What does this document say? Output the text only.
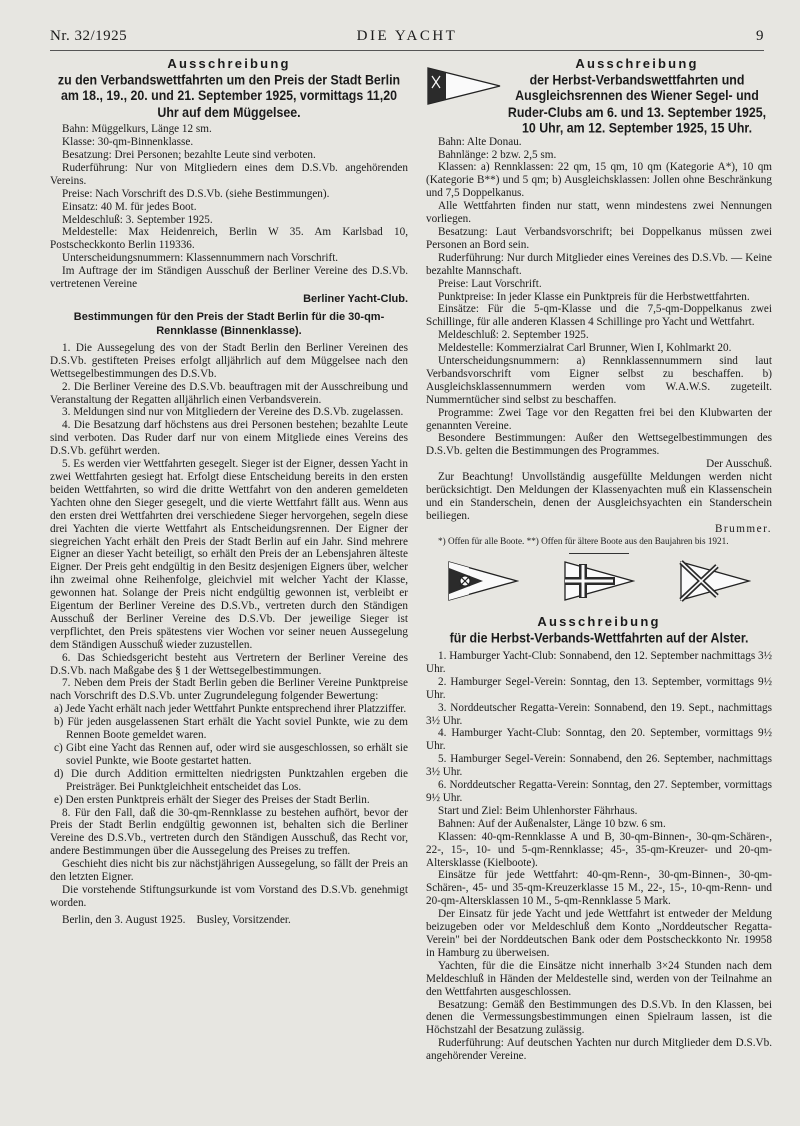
Nr. 32/1925	DIE YACHT	9

Ausschreibung

zu den Verbandswettfahrten um den Preis der Stadt Berlin am 18., 19., 20. und 21. September 1925, vormittags 11,20 Uhr auf dem Müggelsee.

Bahn: Müggelkurs, Länge 12 sm.

Klasse: 30-qm-Binnenklasse.

Besatzung: Drei Personen; bezahlte Leute sind verboten.

Ruderführung: Nur von Mitgliedern eines dem D.S.Vb. angehörenden Vereins.

Preise: Nach Vorschrift des D.S.Vb. (siehe Bestimmungen).

Einsatz: 40 M. für jedes Boot.

Meldeschluß: 3. September 1925.

Meldestelle: Max Heidenreich, Berlin W 35. Am Karlsbad 10, Postscheckkonto Berlin 119336.

Unterscheidungsnummern: Klassennummern nach Vorschrift.

Im Auftrage der im Ständigen Ausschuß der Berliner Vereine des D.S.Vb. vertretenen Vereine

Berliner Yacht-Club.

Bestimmungen für den Preis der Stadt Berlin für die 30-qm-Rennklasse (Binnenklasse).

1. Die Aussegelung des von der Stadt Berlin den Berliner Vereinen des D.S.Vb. gestifteten Preises erfolgt alljährlich auf dem Müggelsee nach den Wettsegelbestimmungen des D.S.Vb.

2. Die Berliner Vereine des D.S.Vb. beauftragen mit der Ausschreibung und Veranstaltung der Regatten alljährlich einen Verbandsverein.

3. Meldungen sind nur von Mitgliedern der Vereine des D.S.Vb. zugelassen.

4. Die Besatzung darf höchstens aus drei Personen bestehen; bezahlte Leute sind verboten. Das Ruder darf nur von einem Mitgliede eines Vereins des D.S.Vb. geführt werden.

5. Es werden vier Wettfahrten gesegelt. Sieger ist der Eigner, dessen Yacht in zwei Wettfahrten gesiegt hat. Erfolgt diese Entscheidung bereits in den ersten beiden Wettfahrten, so wird die dritte Wettfahrt von den anderen gemeldeten Yachten ohne den Sieger gesegelt, und die vierte Wettfahrt fällt aus. Wenn aus den ersten drei Wettfahrten drei verschiedene Sieger hervorgehen, segeln diese drei Yachten die vierte Wettfahrt als Entscheidungsrennen. Der Eigner der siegreichen Yacht erhält den Preis der Stadt Berlin auf ein Jahr. Sind mehrere Eigner an dieser Yacht beteiligt, so erhält den Preis der an Lebensjahren älteste Eigner. Der Preis geht endgültig in den Besitz desjenigen Eigners über, welcher ihn zweimal ohne Reihenfolge, gleichviel mit welcher Yacht der Klasse, gewonnen hat. Solange der Preis nicht endgültig gewonnen ist, verbleibt er Eigentum der Berliner Vereine des D.S.Vb., vertreten durch den Ständigen Ausschuß der Berliner Vereine des D.S.Vb. Der jeweilige Sieger ist verpflichtet, den Preis spätestens vier Wochen vor seiner neuen Aussegelung dem Ständigen Ausschuß wieder zuzustellen.

6. Das Schiedsgericht besteht aus Vertretern der Berliner Vereine des D.S.Vb. nach Maßgabe des § 1 der Wettsegelbestimmungen.

7. Neben dem Preis der Stadt Berlin geben die Berliner Vereine Punktpreise nach Vorschrift des D.S.Vb. unter Zugrundelegung folgender Bewertung:

a) Jede Yacht erhält nach jeder Wettfahrt Punkte entsprechend ihrer Platzziffer.

b) Für jeden ausgelassenen Start erhält die Yacht soviel Punkte, wie zu dem Rennen Boote gemeldet waren.

c) Gibt eine Yacht das Rennen auf, oder wird sie ausgeschlossen, so erhält sie soviel Punkte, wie Boote gestartet hatten.

d) Die durch Addition ermittelten niedrigsten Punktzahlen ergeben die Preisträger. Bei Punktgleichheit entscheidet das Los.

e) Den ersten Punktpreis erhält der Sieger des Preises der Stadt Berlin.

8. Für den Fall, daß die 30-qm-Rennklasse zu bestehen aufhört, bevor der Preis der Stadt Berlin endgültig gewonnen ist, behalten sich die Berliner Vereine des D.S.Vb., vertreten durch den Ständigen Ausschuß, das Recht vor, andere Bestimmungen über die Aussegelung des Preises zu treffen.

Geschieht dies nicht bis zur nächstjährigen Aussegelung, so fällt der Preis an den letzten Eigner.

Die vorstehende Stiftungsurkunde ist vom Vorstand des D.S.Vb. genehmigt worden.

Berlin, den 3. August 1925.    Busley, Vorsitzender.

Ausschreibung

der Herbst-Verbandswettfahrten und Ausgleichsrennen des Wiener Segel- und Ruder-Clubs am 6. und 13. September 1925, 10 Uhr, am 12. September 1925, 15 Uhr.

Bahn: Alte Donau.

Bahnlänge: 2 bzw. 2,5 sm.

Klassen: a) Rennklassen: 22 qm, 15 qm, 10 qm (Kategorie A*), 10 qm (Kategorie B**) und 5 qm; b) Ausgleichsklassen: Jollen ohne Beschränkung und 7,5 Doppelkanus.

Alle Wettfahrten finden nur statt, wenn mindestens zwei Nennungen vorliegen.

Besatzung: Laut Verbandsvorschrift; bei Doppelkanus müssen zwei Personen an Bord sein.

Ruderführung: Nur durch Mitglieder eines Vereines des D.S.Vb. — Keine bezahlte Mannschaft.

Preise: Laut Vorschrift.

Punktpreise: In jeder Klasse ein Punktpreis für die Herbstwettfahrten.

Einsätze: Für die 5-qm-Klasse und die 7,5-qm-Doppelkanus zwei Schillinge, für alle anderen Klassen 4 Schillinge pro Yacht und Wettfahrt.

Meldeschluß: 2. September 1925.

Meldestelle: Kommerzialrat Carl Brunner, Wien I, Kohlmarkt 20.

Unterscheidungsnummern: a) Rennklassennummern sind laut Verbandsvorschrift vom Eigner selbst zu beschaffen. b) Ausgleichsklassennummern werden vom W.A.W.S. zugeteilt. Nummerntücher sind selbst zu beschaffen.

Programme: Zwei Tage vor den Regatten frei bei den Klubwarten der genannten Vereine.

Besondere Bestimmungen: Außer den Wettsegelbestimmungen des D.S.Vb. gelten die Bestimmungen des Programmes.

Der Ausschuß.

Zur Beachtung! Unvollständig ausgefüllte Meldungen werden nicht berücksichtigt. Den Meldungen der Klassenyachten muß ein Klassenschein und ein Standerschein, denen der Ausgleichsyachten ein Standerschein beiliegen.

Brummer.

*) Offen für alle Boote. **) Offen für ältere Boote aus den Baujahren bis 1921.

Ausschreibung

für die Herbst-Verbands-Wettfahrten auf der Alster.

1. Hamburger Yacht-Club: Sonnabend, den 12. September nachmittags 3½ Uhr.

2. Hamburger Segel-Verein: Sonntag, den 13. September, vormittags 9½ Uhr.

3. Norddeutscher Regatta-Verein: Sonnabend, den 19. Sept., nachmittags 3½ Uhr.

4. Hamburger Yacht-Club: Sonntag, den 20. September, vormittags 9½ Uhr.

5. Hamburger Segel-Verein: Sonnabend, den 26. September, nachmittags 3½ Uhr.

6. Norddeutscher Regatta-Verein: Sonntag, den 27. September, vormittags 9½ Uhr.

Start und Ziel: Beim Uhlenhorster Fährhaus.

Bahnen: Auf der Außenalster, Länge 10 bzw. 6 sm.

Klassen: 40-qm-Rennklasse A und B, 30-qm-Binnen-, 30-qm-Schären-, 22-, 15-, 10- und 5-qm-Rennklasse; 45-, 35-qm-Kreuzer- und 20-qm-Altersklasse (Kielboote).

Einsätze für jede Wettfahrt: 40-qm-Renn-, 30-qm-Binnen-, 30-qm-Schären-, 45- und 35-qm-Kreuzerklasse 15 M., 22-, 15-, 10-qm-Renn- und 20-qm-Altersklassen 10 M., 5-qm-Rennklasse 5 Mark.

Der Einsatz für jede Yacht und jede Wettfahrt ist entweder der Meldung beizugeben oder vor Meldeschluß dem Konto „Norddeutscher Regatta-Verein" bei der Norddeutschen Bank oder dem Postscheckkonto Nr. 19958 in Hamburg zu überweisen.

Yachten, für die die Einsätze nicht innerhalb 3×24 Stunden nach dem Meldeschluß in Händen der Meldestelle sind, werden von der Teilnahme an den Wettfahrten ausgeschlossen.

Besatzung: Gemäß den Bestimmungen des D.S.Vb. In den Klassen, bei denen die Vermessungsbestimmungen einen Spielraum lassen, ist die Höchstzahl der Besatzung zulässig.

Ruderführung: Auf deutschen Yachten nur durch Mitglieder dem D.S.Vb. angehörender Vereine.
